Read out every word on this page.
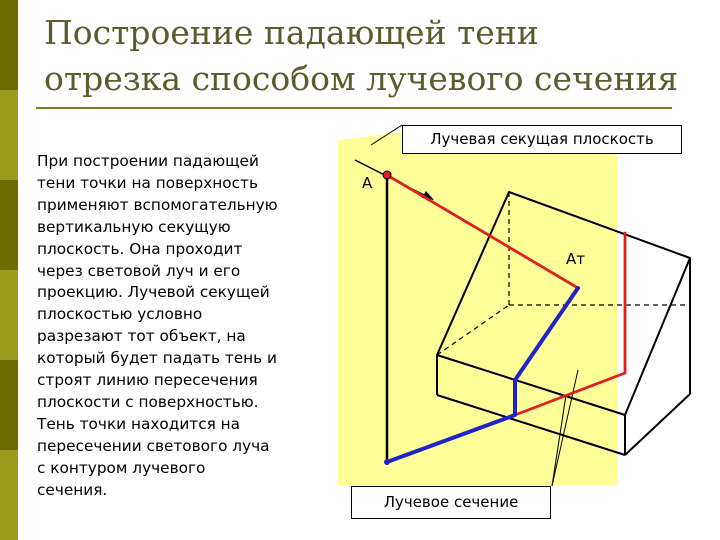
Построение падающей тени отрезка способом лучевого сечения

При построении падающей
тени точки на поверхность
применяют вспомогательную
вертикальную секущую
плоскость. Она проходит
через световой луч и его
проекцию. Лучевой секущей
плоскостью условно
разрезают тот объект, на
который будет падать тень и
строят линию пересечения
плоскости с поверхностью.
Тень точки находится на
пересечении светового луча
с контуром лучевого
сечения.

A
Aт
Лучевая секущая плоскость
Лучевое сечение
